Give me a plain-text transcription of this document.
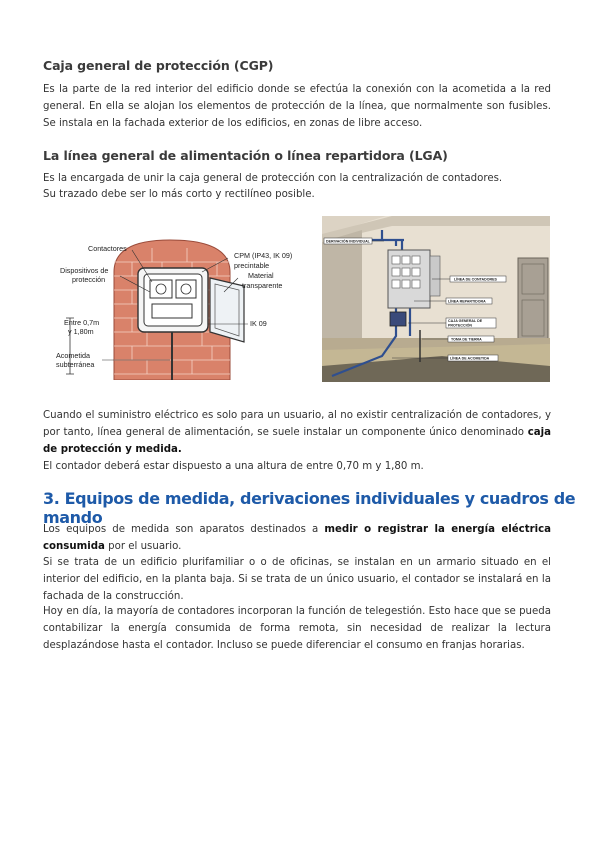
Caja general de protección (CGP)

Es la parte de la red interior del edificio donde se efectúa la conexión con la acometida a la red general. En ella se alojan los elementos de protección de la línea, que normalmente son fusibles. Se instala en la fachada exterior de los edificios, en zonas de libre acceso.

La línea general de alimentación o línea repartidora (LGA)

Es la encargada de unir la caja general de protección con la centralización de contadores.

Su trazado debe ser lo más corto y rectilíneo posible.

Contactores
Dispositivos de
protección
Entre 0,7m
y 1,80m
Acometida
subterránea
CPM (IP43, IK 09)
precintable
Material
transparente
IK 09
DERIVACIÓN INDIVIDUAL
LÍNEA DE CONTADORES
LÍNEA REPARTIDORA
CAJA GENERAL DE
PROTECCIÓN
TOMA DE TIERRA
LÍNEA DE ACOMETIDA

Cuando el suministro eléctrico es solo para un usuario, al no existir centralización de contadores, y por tanto, línea general de alimentación, se suele instalar un componente único denominado caja de protección y medida.

El contador deberá estar dispuesto a una altura de entre 0,70 m y 1,80 m.

3. Equipos de medida, derivaciones individuales y cuadros de mando

Los equipos de medida son aparatos destinados a medir o registrar la energía eléctrica consumida por el usuario.

Si se trata de un edificio plurifamiliar o o de oficinas, se instalan en un armario situado en el interior del edificio, en la planta baja. Si se trata de un único usuario, el contador se instalará en la fachada de la construcción.

Hoy en día, la mayoría de contadores incorporan la función de telegestión. Esto hace que se pueda contabilizar la energía consumida de forma remota, sin necesidad de realizar la lectura desplazándose hasta el contador. Incluso se puede diferenciar el consumo en franjas horarias.
